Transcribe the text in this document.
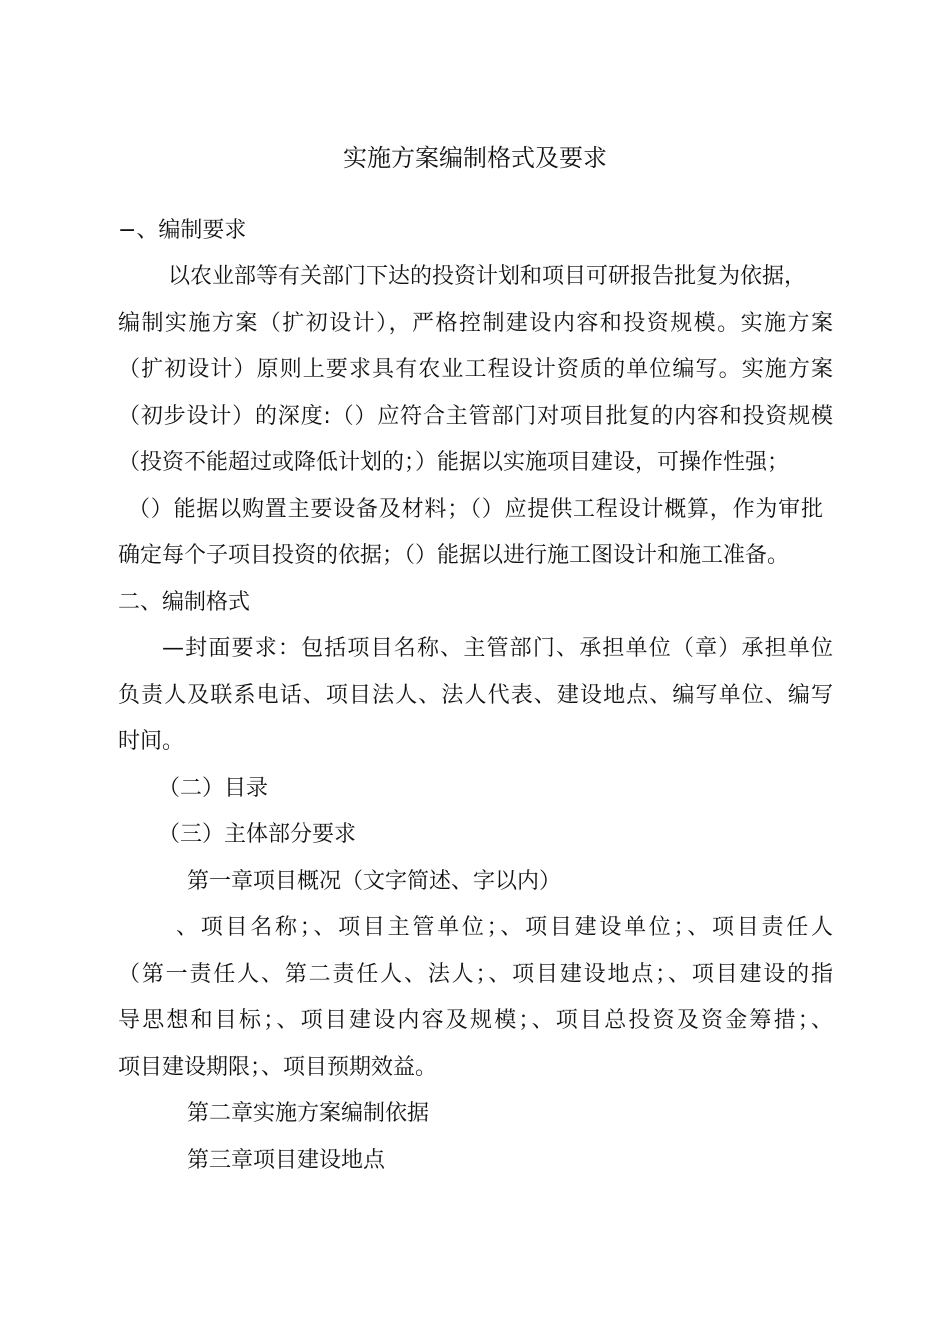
实施方案编制格式及要求
−、编制要求
以农业部等有关部门下达的投资计划和项目可研报告批复为依据，
编制实施方案（扩初设计），严格控制建设内容和投资规模。实施方案
（扩初设计）原则上要求具有农业工程设计资质的单位编写。实施方案
（初步设计）的深度:（）应符合主管部门对项目批复的内容和投资规模
（投资不能超过或降低计划的；）能据以实施项目建设，可操作性强；
（）能据以购置主要设备及材料；（）应提供工程设计概算，作为审批
确定每个子项目投资的依据；（）能据以进行施工图设计和施工准备。
二、编制格式
—封面要求：包括项目名称、主管部门、承担单位（章）承担单位
负责人及联系电话、项目法人、法人代表、建设地点、编写单位、编写
时间。
（二）目录
（三）主体部分要求
第一章项目概况（文字简述、字以内）
、项目名称；、项目主管单位；、项目建设单位；、项目责任人
（第一责任人、第二责任人、法人；、项目建设地点；、项目建设的指
导思想和目标；、项目建设内容及规模；、项目总投资及资金筹措；、
项目建设期限；、项目预期效益。
第二章实施方案编制依据
第三章项目建设地点
